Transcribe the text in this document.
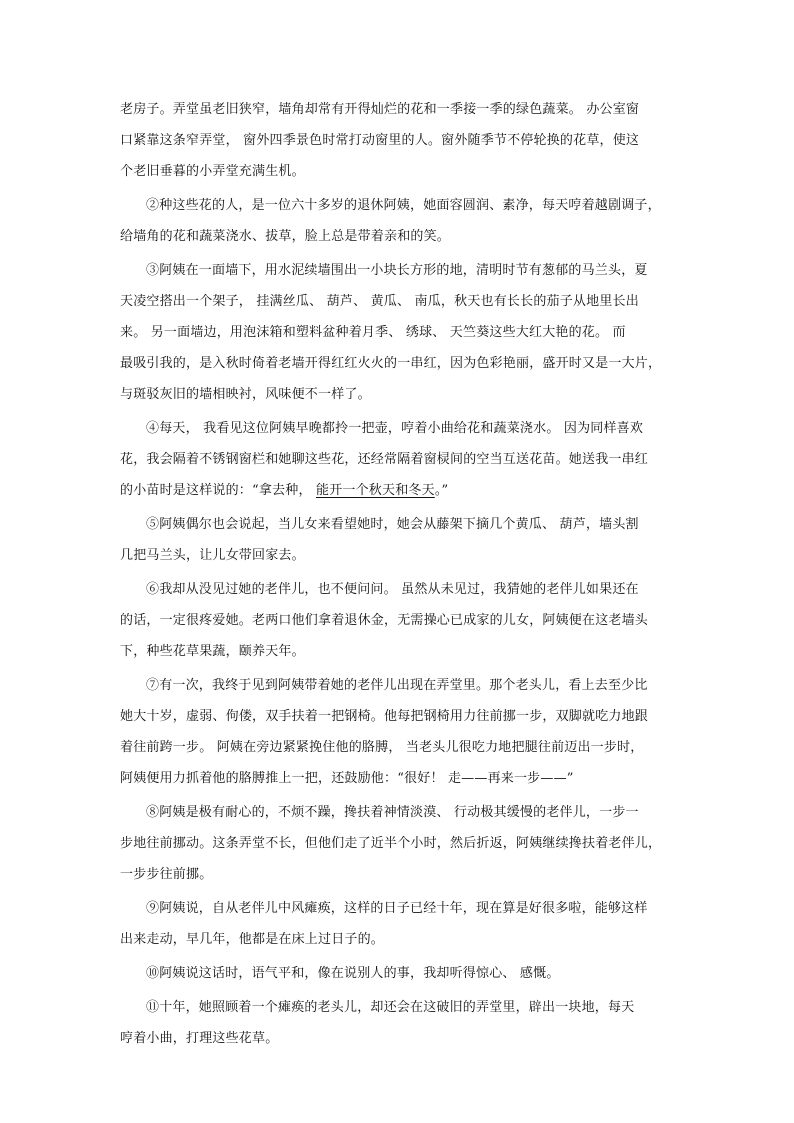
老房子。弄堂虽老旧狭窄，墙角却常有开得灿烂的花和一季接一季的绿色蔬菜。 办公室窗
口紧靠这条窄弄堂， 窗外四季景色时常打动窗里的人。窗外随季节不停轮换的花草，使这
个老旧垂暮的小弄堂充满生机。
②种这些花的人，是一位六十多岁的退休阿姨，她面容圆润、素净，每天哼着越剧调子，
给墙角的花和蔬菜浇水、拔草，脸上总是带着亲和的笑。
③阿姨在一面墙下，用水泥续墙围出一小块长方形的地，清明时节有葱郁的马兰头，夏
天凌空搭出一个架子， 挂满丝瓜、 葫芦、 黄瓜、 南瓜，秋天也有长长的茄子从地里长出
来。 另一面墙边，用泡沫箱和塑料盆种着月季、 绣球、 天竺葵这些大红大艳的花。 而
最吸引我的，是入秋时倚着老墙开得红红火火的一串红，因为色彩艳丽，盛开时又是一大片，
与斑驳灰旧的墙相映衬，风味便不一样了。
④每天， 我看见这位阿姨早晚都拎一把壶，哼着小曲给花和蔬菜浇水。 因为同样喜欢
花，我会隔着不锈钢窗栏和她聊这些花，还经常隔着窗棂间的空当互送花苗。她送我一串红
的小苗时是这样说的：“拿去种， 能开一个秋天和冬天。”
⑤阿姨偶尔也会说起，当儿女来看望她时，她会从藤架下摘几个黄瓜、 葫芦，墙头割
几把马兰头，让儿女带回家去。
⑥我却从没见过她的老伴儿，也不便问问。 虽然从未见过，我猜她的老伴儿如果还在
的话，一定很疼爱她。老两口他们拿着退休金，无需操心已成家的儿女，阿姨便在这老墙头
下，种些花草果蔬，颐养天年。
⑦有一次，我终于见到阿姨带着她的老伴儿出现在弄堂里。那个老头儿，看上去至少比
她大十岁，虚弱、佝偻，双手扶着一把钢椅。他每把钢椅用力往前挪一步，双脚就吃力地跟
着往前跨一步。 阿姨在旁边紧紧挽住他的胳膊， 当老头儿很吃力地把腿往前迈出一步时，
阿姨便用力抓着他的胳膊推上一把，还鼓励他：“很好！ 走——再来一步——”
⑧阿姨是极有耐心的，不烦不躁，搀扶着神情淡漠、 行动极其缓慢的老伴儿，一步一
步地往前挪动。这条弄堂不长，但他们走了近半个小时，然后折返，阿姨继续搀扶着老伴儿，
一步步往前挪。
⑨阿姨说，自从老伴儿中风瘫痪，这样的日子已经十年，现在算是好很多啦，能够这样
出来走动，早几年，他都是在床上过日子的。
⑩阿姨说这话时，语气平和，像在说别人的事，我却听得惊心、 感慨。
⑪十年，她照顾着一个瘫痪的老头儿，却还会在这破旧的弄堂里，辟出一块地，每天
哼着小曲，打理这些花草。
